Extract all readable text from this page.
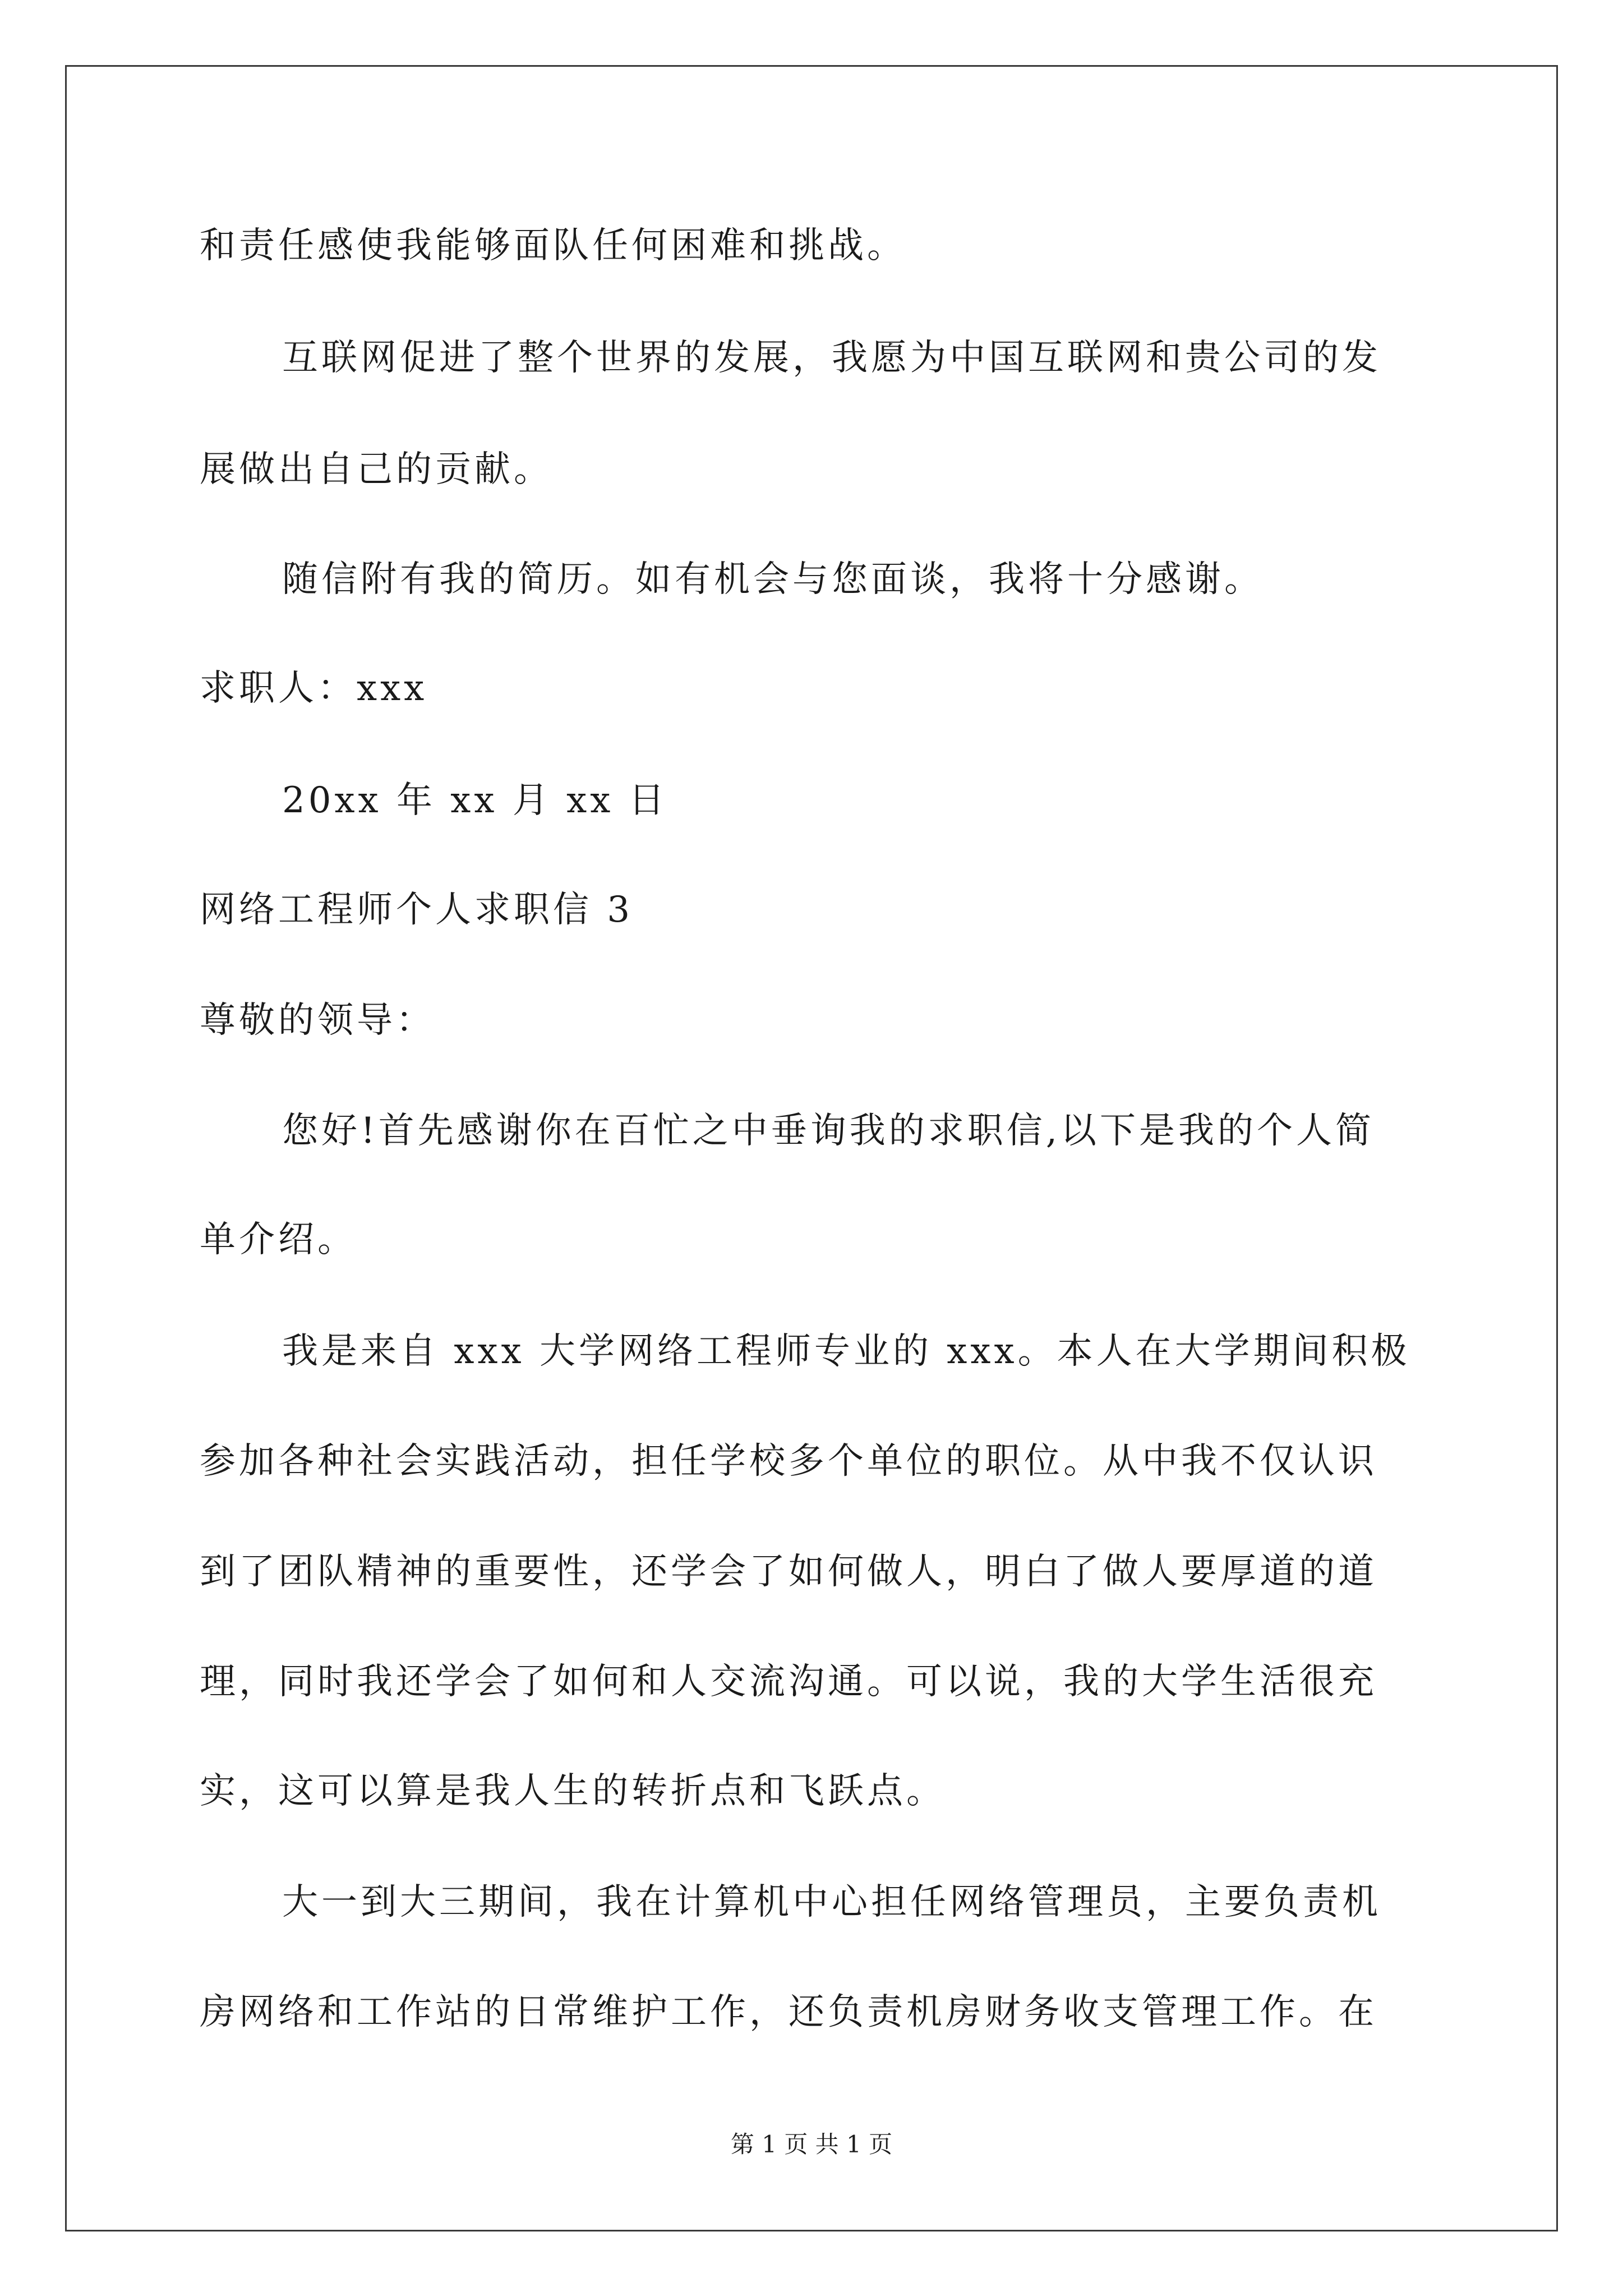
和责任感使我能够面队任何困难和挑战。
互联网促进了整个世界的发展，我愿为中国互联网和贵公司的发
展做出自己的贡献。
随信附有我的简历。如有机会与您面谈，我将十分感谢。
求职人：xxx
20xx 年 xx 月 xx 日
网络工程师个人求职信 3
尊敬的领导：
您好!首先感谢你在百忙之中垂询我的求职信,以下是我的个人简
单介绍。
我是来自 xxx 大学网络工程师专业的 xxx。本人在大学期间积极
参加各种社会实践活动，担任学校多个单位的职位。从中我不仅认识
到了团队精神的重要性，还学会了如何做人，明白了做人要厚道的道
理，同时我还学会了如何和人交流沟通。可以说，我的大学生活很充
实，这可以算是我人生的转折点和飞跃点。
大一到大三期间，我在计算机中心担任网络管理员，主要负责机
房网络和工作站的日常维护工作，还负责机房财务收支管理工作。在
第 1 页 共 1 页
